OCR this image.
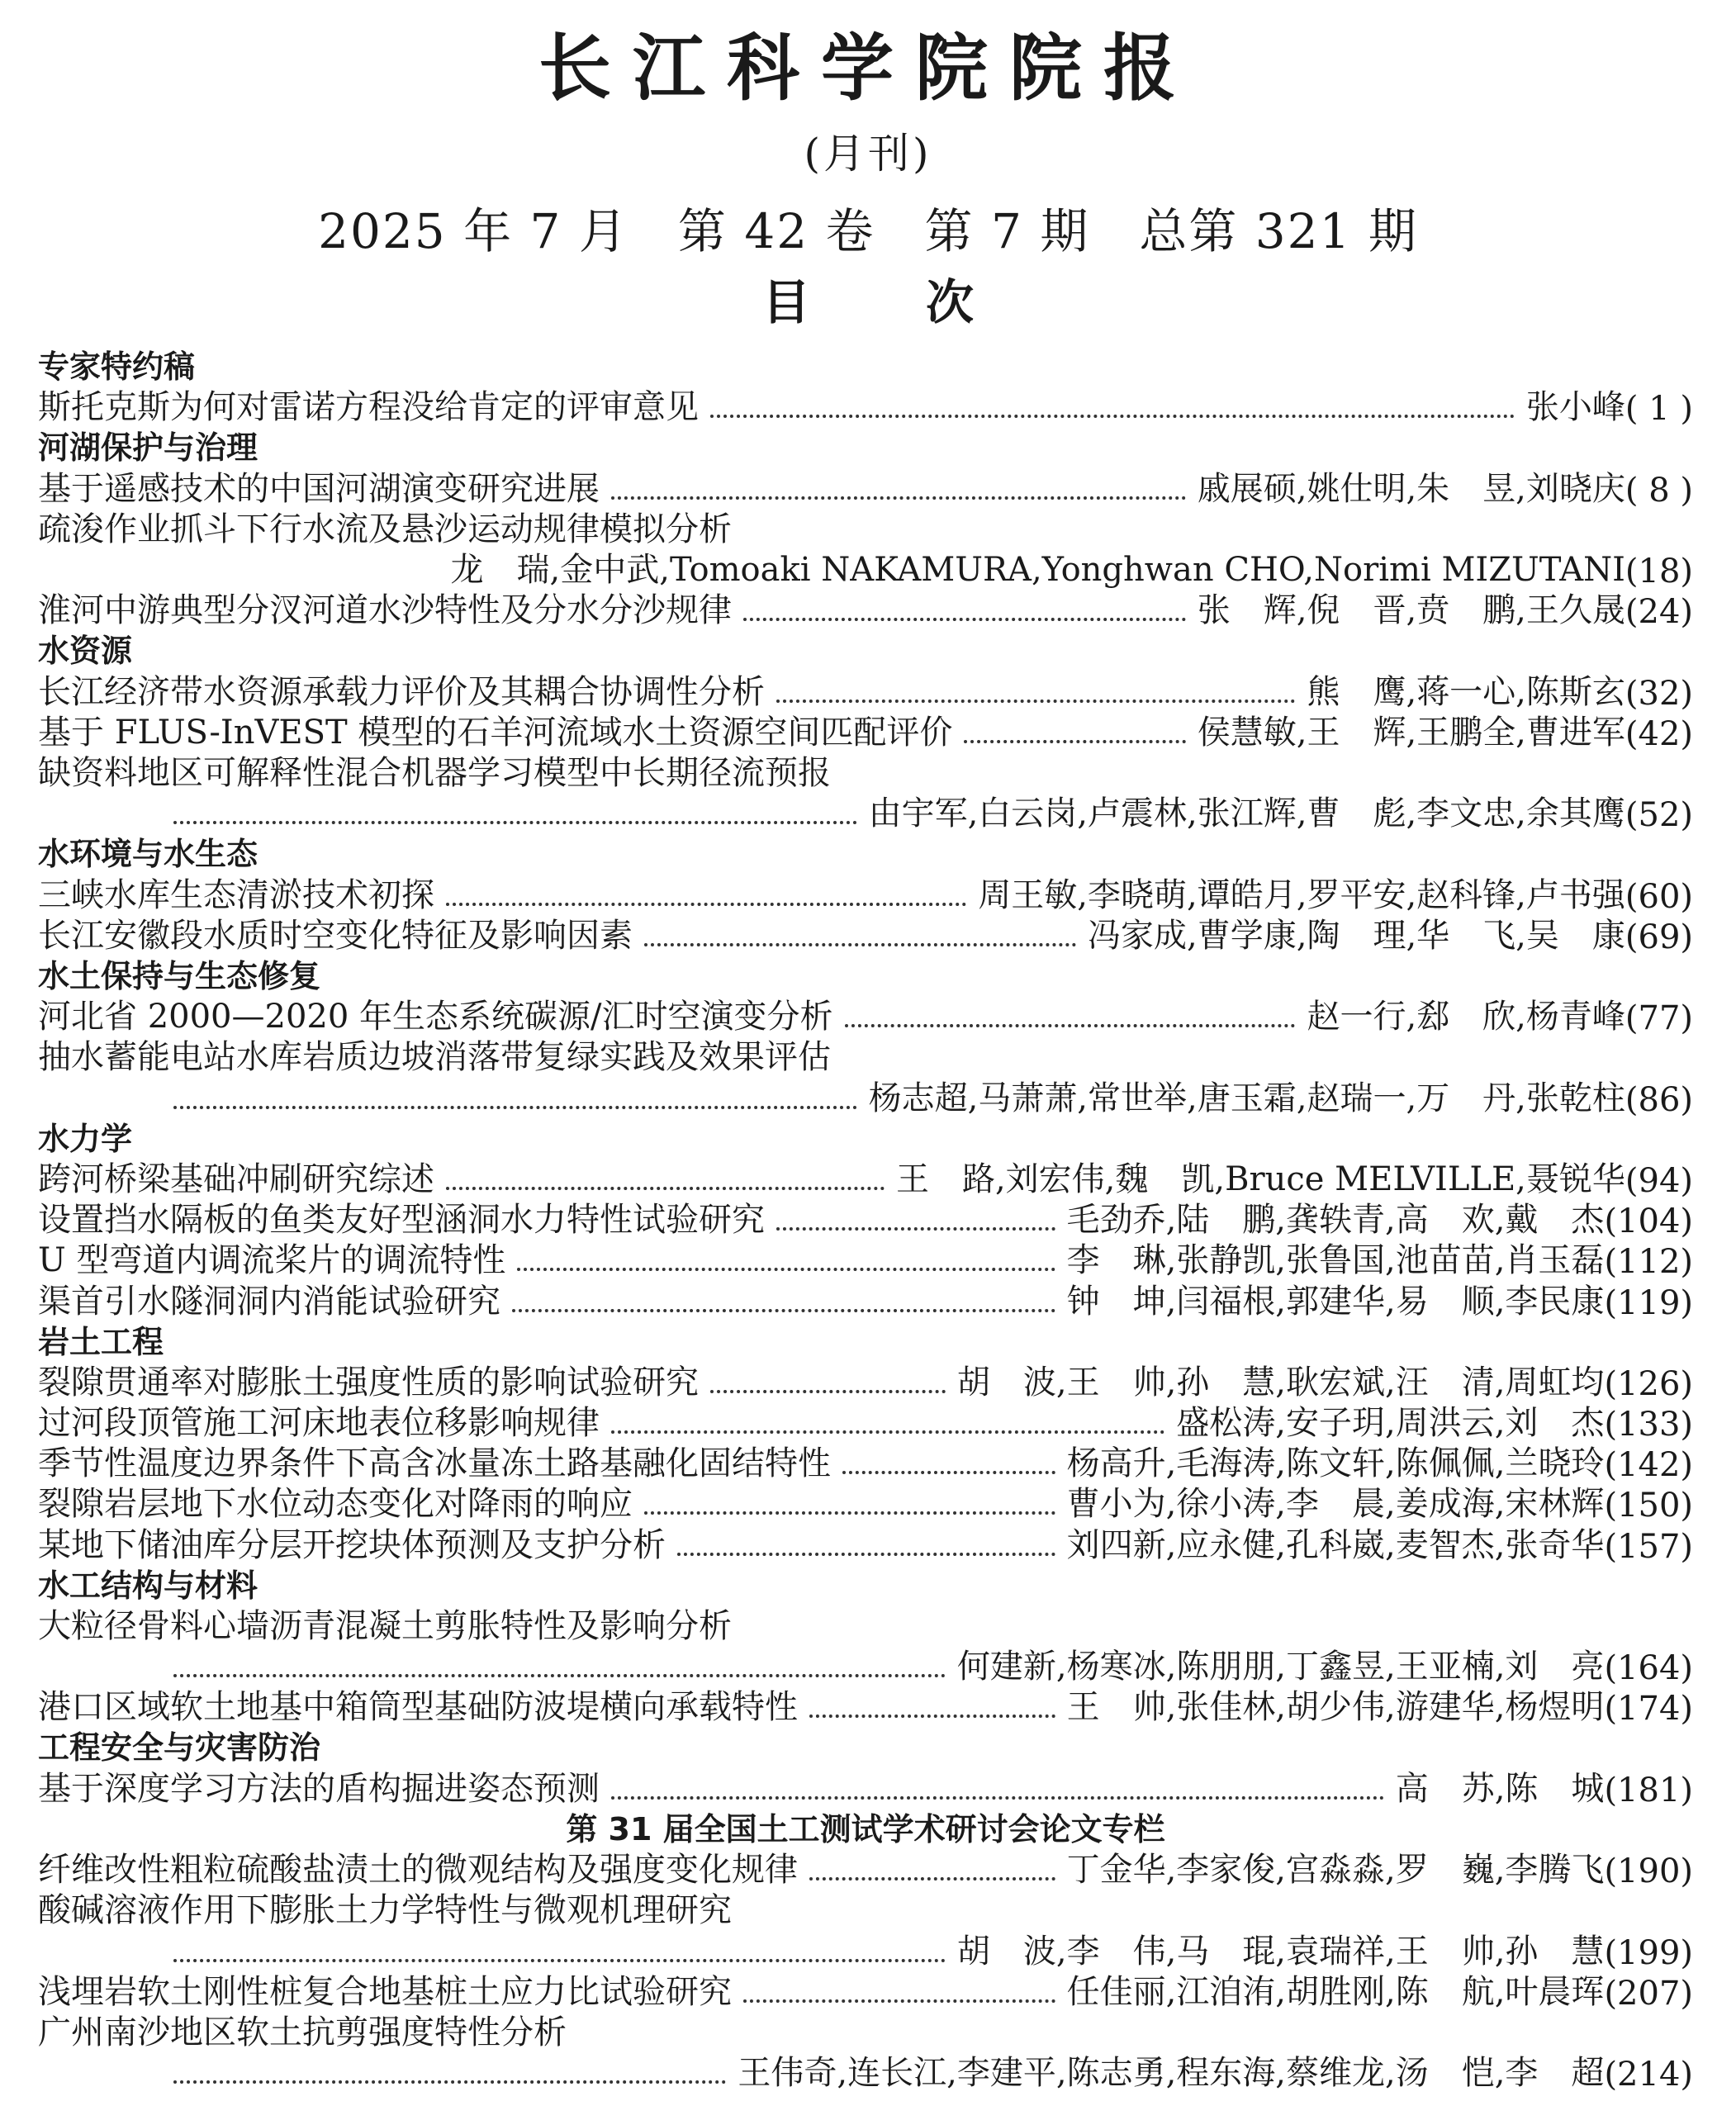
长江科学院院报
(月刊)
2025 年 7 月　第 42 卷　第 7 期　总第 321 期
目次
专家特约稿
斯托克斯为何对雷诺方程没给肯定的评审意见	张小峰 ( 1 )
河湖保护与治理
基于遥感技术的中国河湖演变研究进展	戚展硕,姚仕明,朱　昱,刘晓庆 ( 8 )
疏浚作业抓斗下行水流及悬沙运动规律模拟分析
龙　瑞,金中武,Tomoaki NAKAMURA,Yonghwan CHO,Norimi MIZUTANI (18)
淮河中游典型分汊河道水沙特性及分水分沙规律	张　辉,倪　晋,贲　鹏,王久晟 (24)
水资源
长江经济带水资源承载力评价及其耦合协调性分析	熊　鹰,蒋一心,陈斯玄 (32)
基于 FLUS-InVEST 模型的石羊河流域水土资源空间匹配评价	侯慧敏,王　辉,王鹏全,曹进军 (42)
缺资料地区可解释性混合机器学习模型中长期径流预报
由宇军,白云岗,卢震林,张江辉,曹　彪,李文忠,余其鹰 (52)
水环境与水生态
三峡水库生态清淤技术初探	周王敏,李晓萌,谭皓月,罗平安,赵科锋,卢书强 (60)
长江安徽段水质时空变化特征及影响因素	冯家成,曹学康,陶　理,华　飞,吴　康 (69)
水土保持与生态修复
河北省 2000—2020 年生态系统碳源/汇时空演变分析	赵一行,郄　欣,杨青峰 (77)
抽水蓄能电站水库岩质边坡消落带复绿实践及效果评估
杨志超,马萧萧,常世举,唐玉霜,赵瑞一,万　丹,张乾柱 (86)
水力学
跨河桥梁基础冲刷研究综述	王　路,刘宏伟,魏　凯,Bruce MELVILLE,聂锐华 (94)
设置挡水隔板的鱼类友好型涵洞水力特性试验研究	毛劲乔,陆　鹏,龚轶青,高　欢,戴　杰 (104)
U 型弯道内调流桨片的调流特性	李　琳,张静凯,张鲁国,池苗苗,肖玉磊 (112)
渠首引水隧洞洞内消能试验研究	钟　坤,闫福根,郭建华,易　顺,李民康 (119)
岩土工程
裂隙贯通率对膨胀土强度性质的影响试验研究	胡　波,王　帅,孙　慧,耿宏斌,汪　清,周虹均 (126)
过河段顶管施工河床地表位移影响规律	盛松涛,安子玥,周洪云,刘　杰 (133)
季节性温度边界条件下高含冰量冻土路基融化固结特性	杨高升,毛海涛,陈文轩,陈佩佩,兰晓玲 (142)
裂隙岩层地下水位动态变化对降雨的响应	曹小为,徐小涛,李　晨,姜成海,宋林辉 (150)
某地下储油库分层开挖块体预测及支护分析	刘四新,应永健,孔科崴,麦智杰,张奇华 (157)
水工结构与材料
大粒径骨料心墙沥青混凝土剪胀特性及影响分析
何建新,杨寒冰,陈朋朋,丁鑫昱,王亚楠,刘　亮 (164)
港口区域软土地基中箱筒型基础防波堤横向承载特性	王　帅,张佳林,胡少伟,游建华,杨煜明 (174)
工程安全与灾害防治
基于深度学习方法的盾构掘进姿态预测	高　苏,陈　城 (181)
第 31 届全国土工测试学术研讨会论文专栏
纤维改性粗粒硫酸盐渍土的微观结构及强度变化规律	丁金华,李家俊,宫淼淼,罗　巍,李腾飞 (190)
酸碱溶液作用下膨胀土力学特性与微观机理研究
胡　波,李　伟,马　琨,袁瑞祥,王　帅,孙　慧 (199)
浅埋岩软土刚性桩复合地基桩土应力比试验研究	任佳丽,江洎洧,胡胜刚,陈　航,叶晨珲 (207)
广州南沙地区软土抗剪强度特性分析
王伟奇,连长江,李建平,陈志勇,程东海,蔡维龙,汤　恺,李　超 (214)
